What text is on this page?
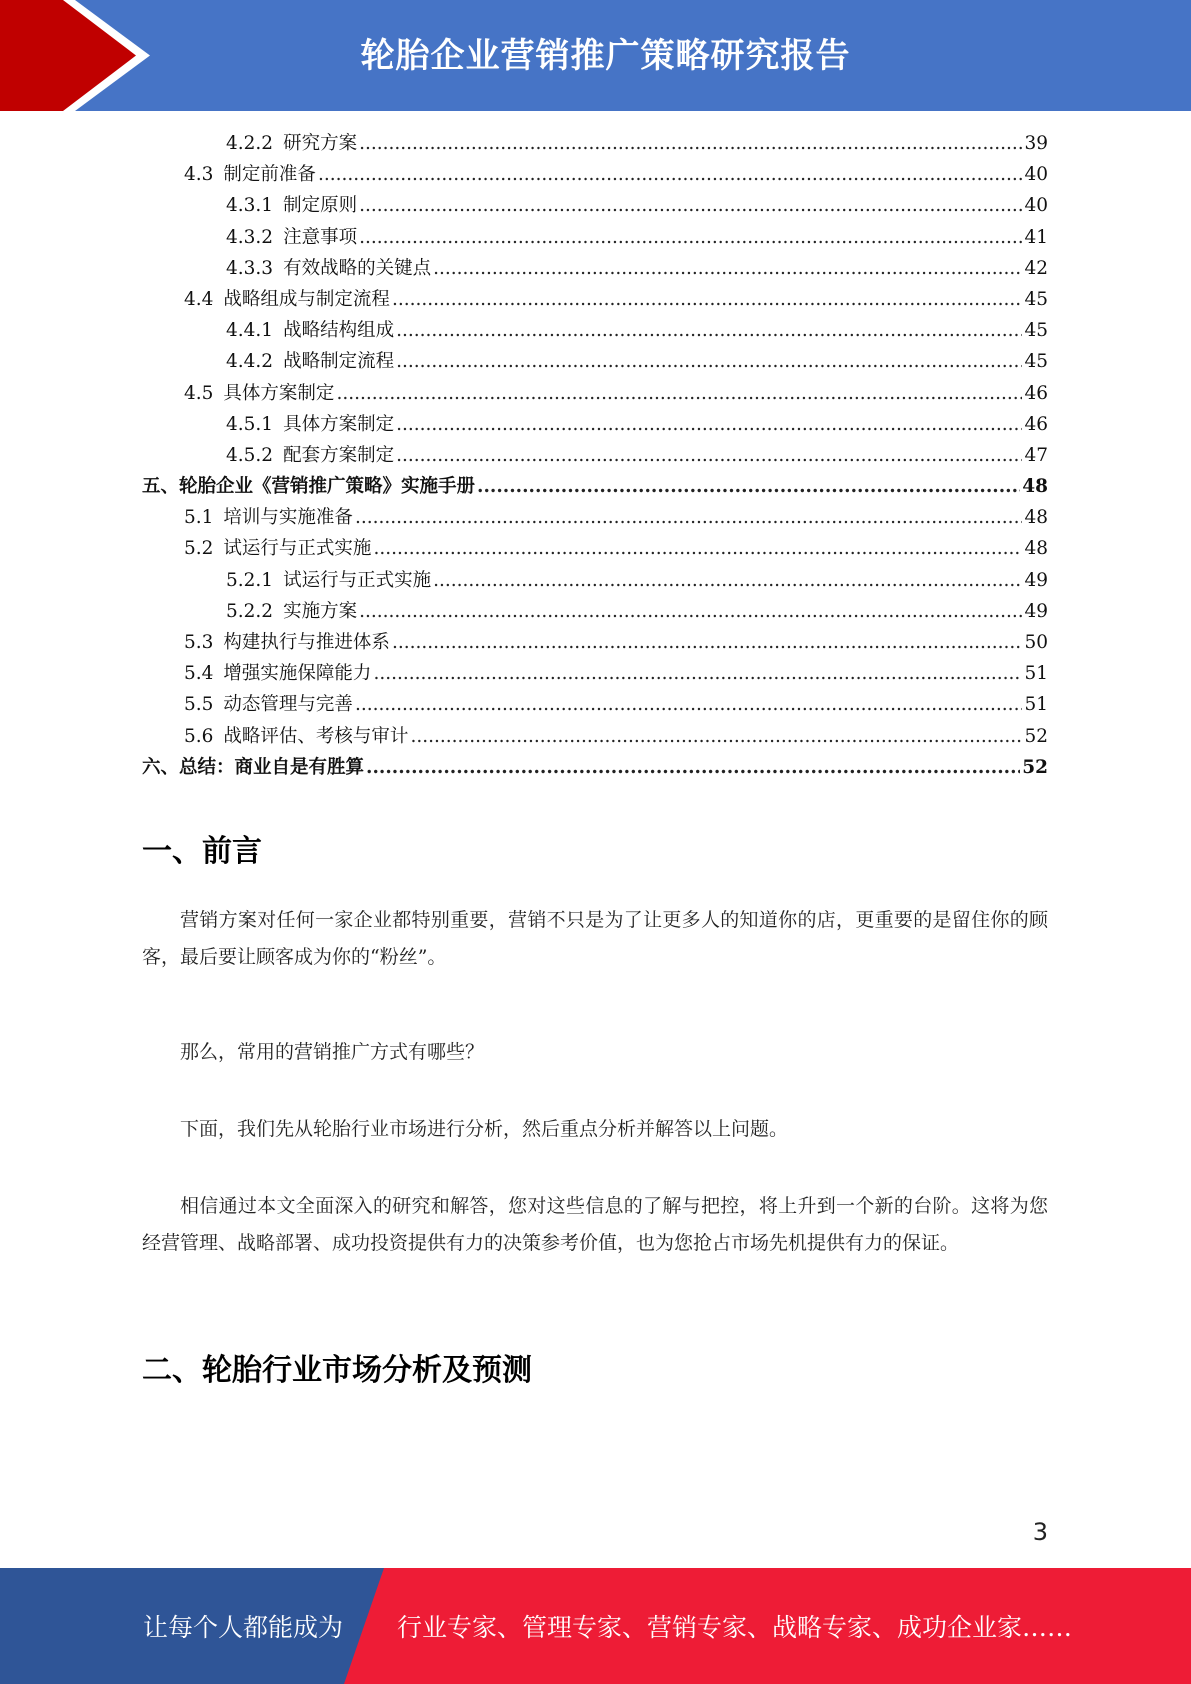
轮胎企业营销推广策略研究报告
4.2.2 研究方案 .....	39
4.3 制定前准备 .....	40
4.3.1 制定原则 .....	40
4.3.2 注意事项 .....	41
4.3.3 有效战略的关键点 .....	42
4.4 战略组成与制定流程 .....	45
4.4.1 战略结构组成 .....	45
4.4.2 战略制定流程 .....	45
4.5 具体方案制定 .....	46
4.5.1 具体方案制定 .....	46
4.5.2 配套方案制定 .....	47
五、 轮胎企业《营销推广策略》实施手册 .....	48
5.1 培训与实施准备 .....	48
5.2 试运行与正式实施 .....	48
5.2.1 试运行与正式实施 .....	49
5.2.2 实施方案 .....	49
5.3 构建执行与推进体系 .....	50
5.4 增强实施保障能力 .....	51
5.5 动态管理与完善 .....	51
5.6 战略评估、考核与审计 .....	52
六、 总结：商业自是有胜算 .....	52
一、前言

营销方案对任何一家企业都特别重要，营销不只是为了让更多人的知道你的店，更重要的是留住你的顾客，最后要让顾客成为你的“粉丝”。

那么，常用的营销推广方式有哪些？

下面，我们先从轮胎行业市场进行分析，然后重点分析并解答以上问题。

相信通过本文全面深入的研究和解答，您对这些信息的了解与把控，将上升到一个新的台阶。这将为您经营管理、战略部署、成功投资提供有力的决策参考价值，也为您抢占市场先机提供有力的保证。

二、轮胎行业市场分析及预测
3
让每个人都能成为 行业专家、管理专家、营销专家、战略专家、成功企业家……
